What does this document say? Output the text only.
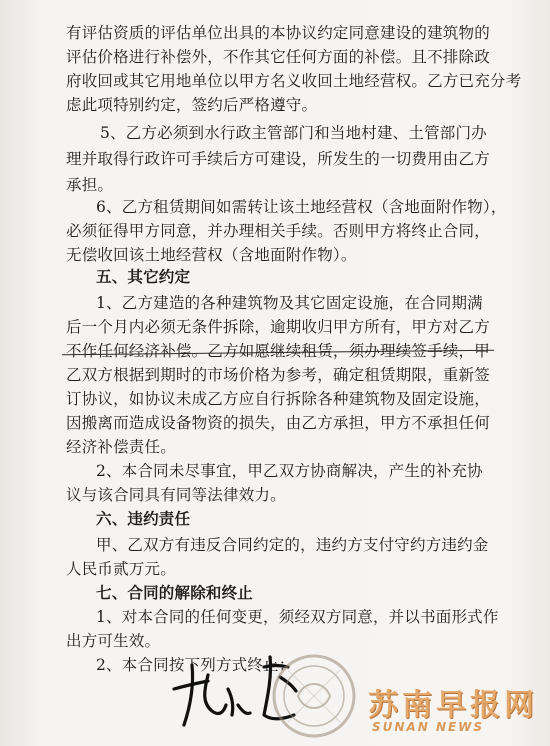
有评估资质的评估单位出具的本协议约定同意建设的建筑物的
评估价格进行补偿外，不作其它任何方面的补偿。且不排除政
府收回或其它用地单位以甲方名义收回土地经营权。乙方已充分考
虑此项特别约定，签约后严格遵守。
5、乙方必须到水行政主管部门和当地村建、土管部门办
理并取得行政许可手续后方可建设，所发生的一切费用由乙方
承担。
6、乙方租赁期间如需转让该土地经营权（含地面附作物），
必须征得甲方同意，并办理相关手续。否则甲方将终止合同，
无偿收回该土地经营权（含地面附作物）。
五、其它约定
1、乙方建造的各种建筑物及其它固定设施，在合同期满
后一个月内必须无条件拆除，逾期收归甲方所有，甲方对乙方
不作任何经济补偿。乙方如愿继续租赁，须办理续签手续，甲
乙双方根据到期时的市场价格为参考，确定租赁期限，重新签
订协议，如协议未成乙方应自行拆除各种建筑物及固定设施，
因搬离而造成设备物资的损失，由乙方承担，甲方不承担任何
经济补偿责任。
2、本合同未尽事宜，甲乙双方协商解决，产生的补充协
议与该合同具有同等法律效力。
六、违约责任
甲、乙双方有违反合同约定的，违约方支付守约方违约金
人民币贰万元。
七、合同的解除和终止
1、对本合同的任何变更，须经双方同意，并以书面形式作
出方可生效。
2、本合同按下列方式终止：
苏南早报网
SUNAN NEWS
